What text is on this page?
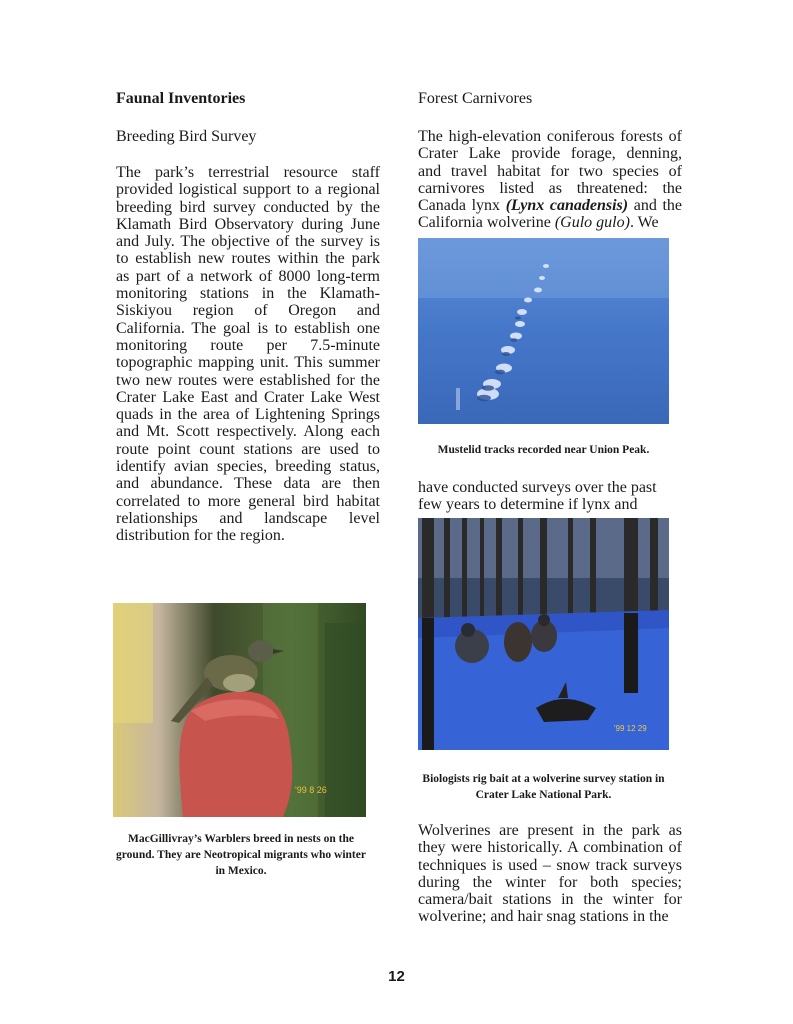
Faunal Inventories
Breeding Bird Survey

The park’s terrestrial resource staff provided logistical support to a regional breeding bird survey conducted by the Klamath Bird Observatory during June and July. The objective of the survey is to establish new routes within the park as part of a network of 8000 long-term monitoring stations in the Klamath-Siskiyou region of Oregon and California. The goal is to establish one monitoring route per 7.5-minute topographic mapping unit. This summer two new routes were established for the Crater Lake East and Crater Lake West quads in the area of Lightening Springs and Mt. Scott respectively. Along each route point count stations are used to identify avian species, breeding status, and abundance. These data are then correlated to more general bird habitat relationships and landscape level distribution for the region.

'99 8 26

MacGillivray’s Warblers breed in nests on the ground. They are Neotropical migrants who winter in Mexico.

Forest Carnivores

The high-elevation coniferous forests of Crater Lake provide forage, denning, and travel habitat for two species of carnivores listed as threatened: the Canada lynx (Lynx canadensis) and the California wolverine (Gulo gulo). We

Mustelid tracks recorded near Union Peak.

have conducted surveys over the past few years to determine if lynx and

'99 12 29

Biologists rig bait at a wolverine survey station in Crater Lake National Park.

Wolverines are present in the park as they were historically. A combination of techniques is used – snow track surveys during the winter for both species; camera/bait stations in the winter for wolverine; and hair snag stations in the

12
